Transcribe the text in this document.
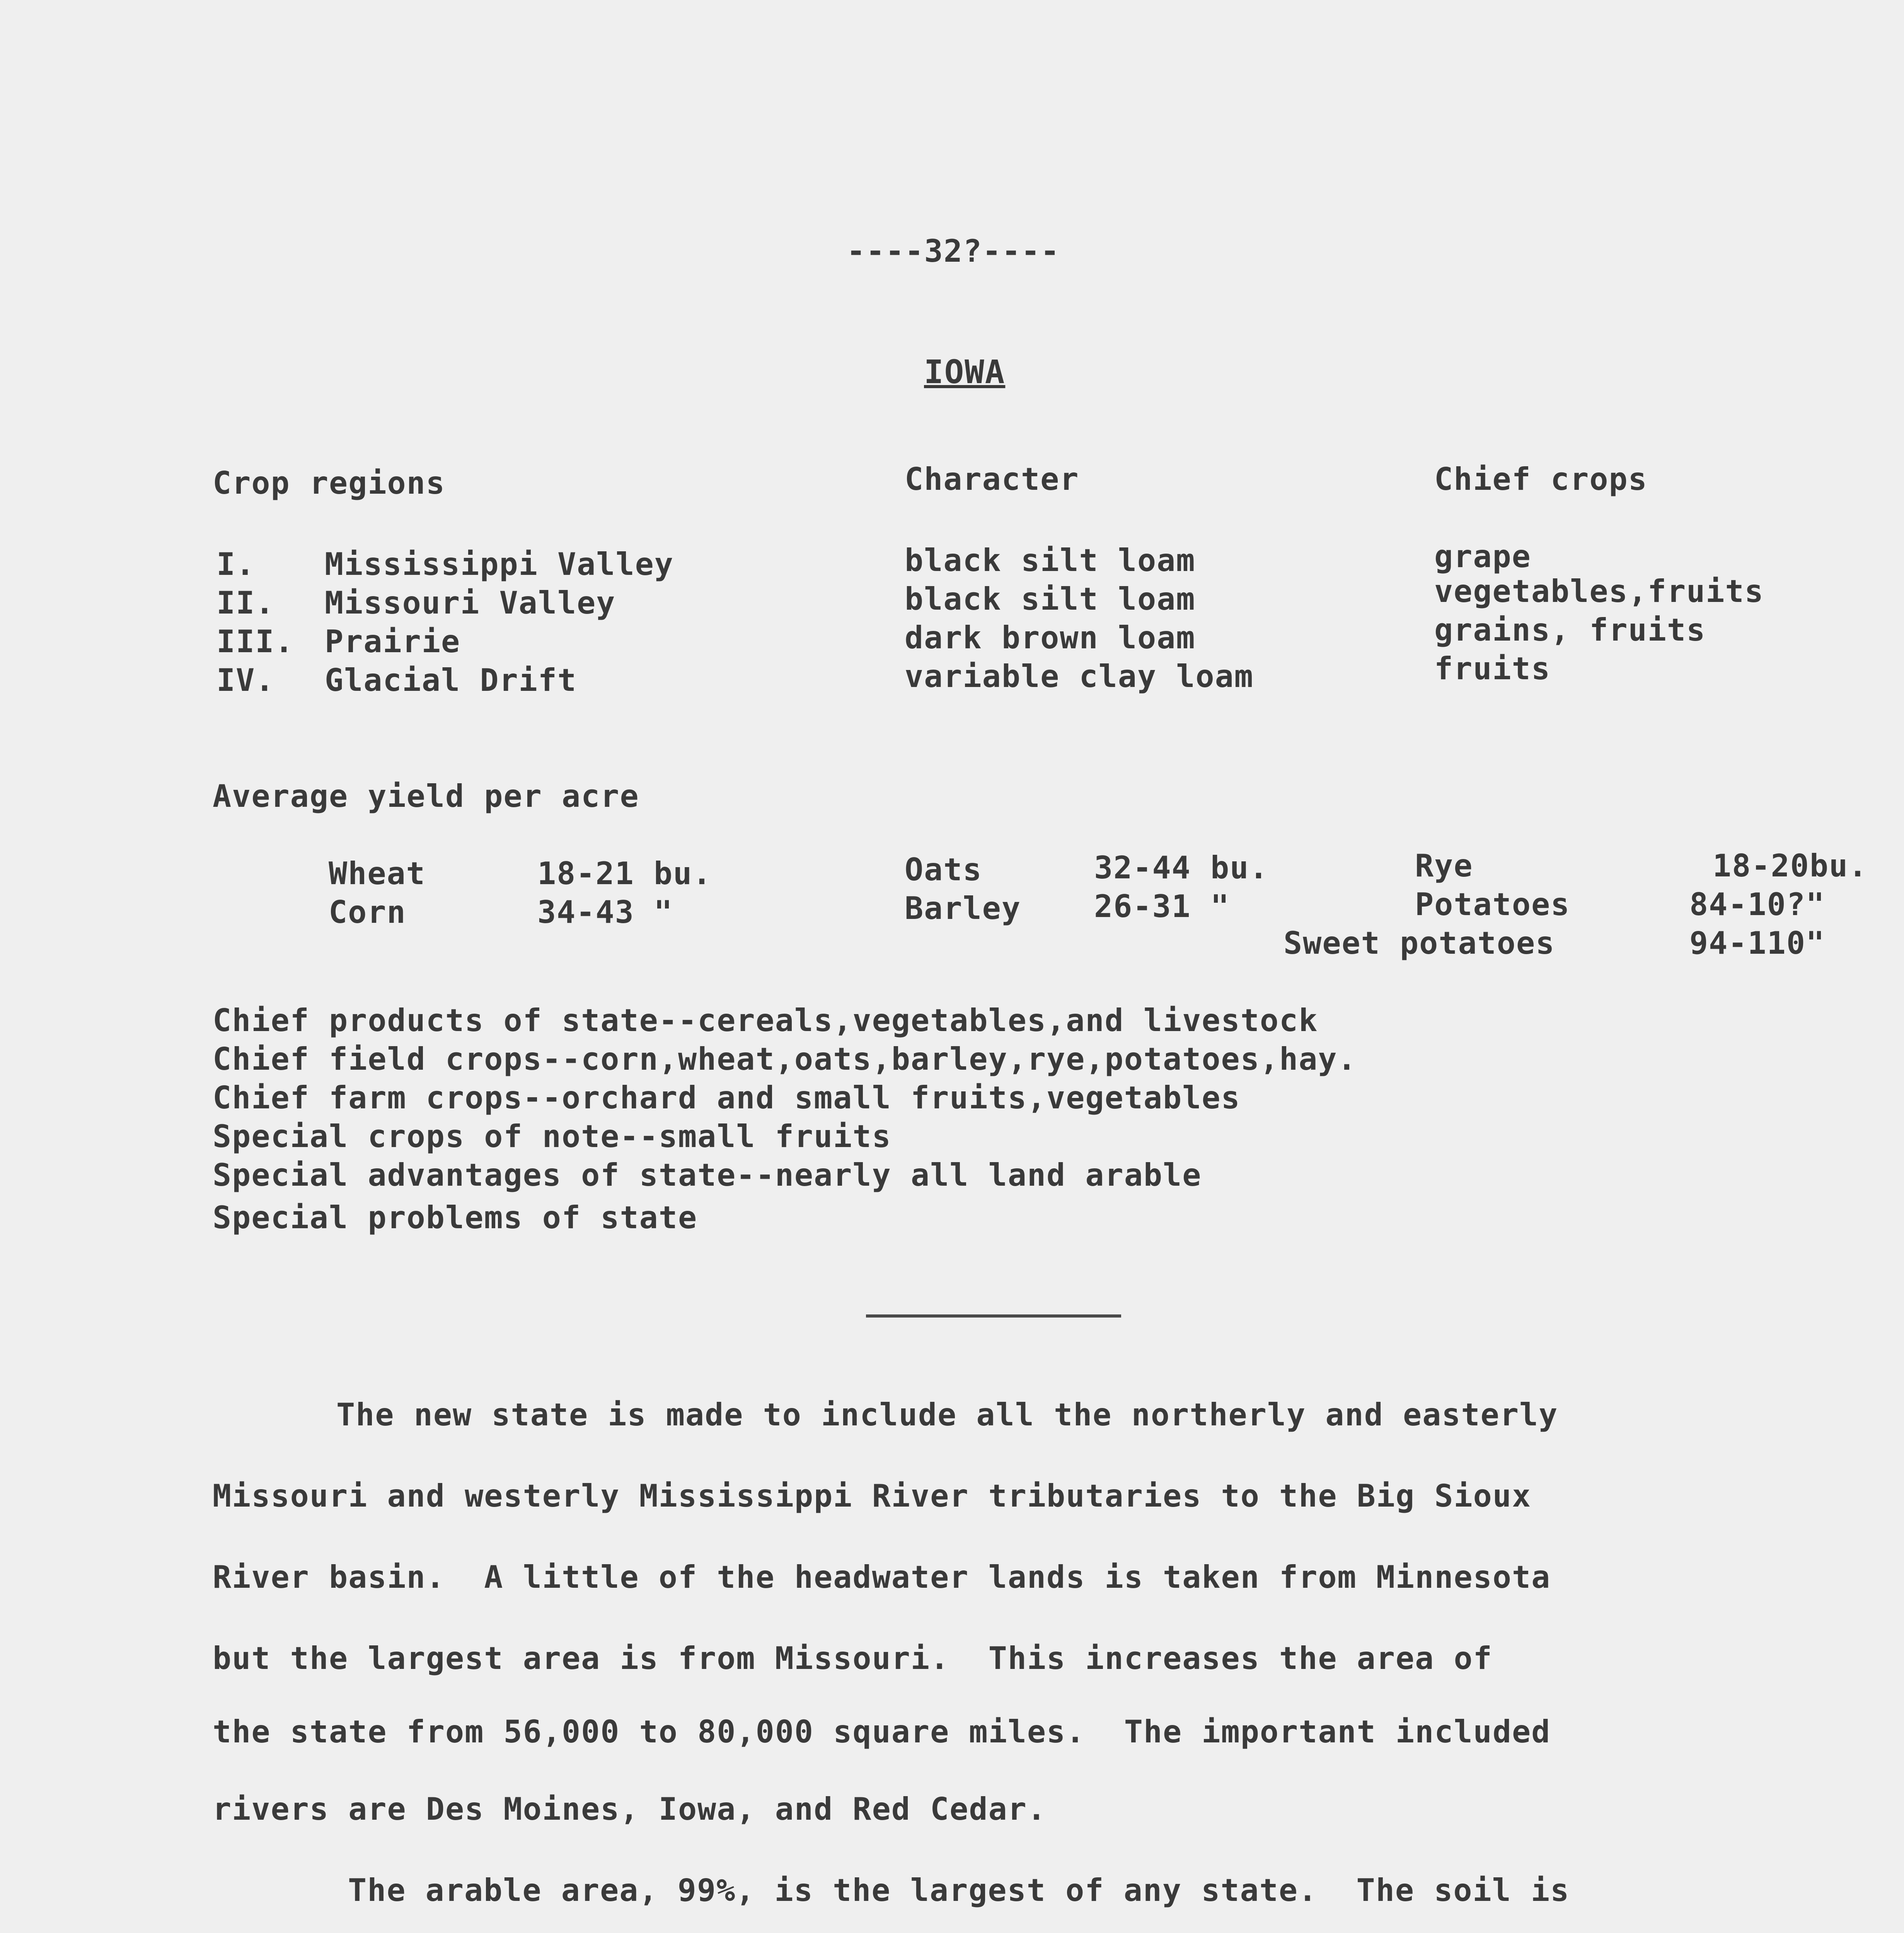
----32?----
IOWA
Crop regions	Character	Chief crops
I. Mississippi Valley	black silt loam	grape
II. Missouri Valley	black silt loam	vegetables,fruits
III. Prairie	dark brown loam	grains, fruits
IV. Glacial Drift	variable clay loam	fruits
Average yield per acre
Wheat	18-21 bu.
Corn	34-43 "
Oats	32-44 bu.
Barley 26-31 "
Rye	18-20bu.
Potatoes	84-10?"
Sweet potatoes	94-110"
Chief products of state--cereals,vegetables,and livestock
Chief field crops--corn,wheat,oats,barley,rye,potatoes,hay.
Chief farm crops--orchard and small fruits,vegetables
Special crops of note--small fruits
Special advantages of state--nearly all land arable
Special problems of state
The new state is made to include all the northerly and easterly
Missouri and westerly Mississippi River tributaries to the Big Sioux
River basin.  A little of the headwater lands is taken from Minnesota
but the largest area is from Missouri.  This increases the area of
the state from 56,000 to 80,000 square miles.  The important included
rivers are Des Moines, Iowa, and Red Cedar.
The arable area, 99%, is the largest of any state.  The soil is
